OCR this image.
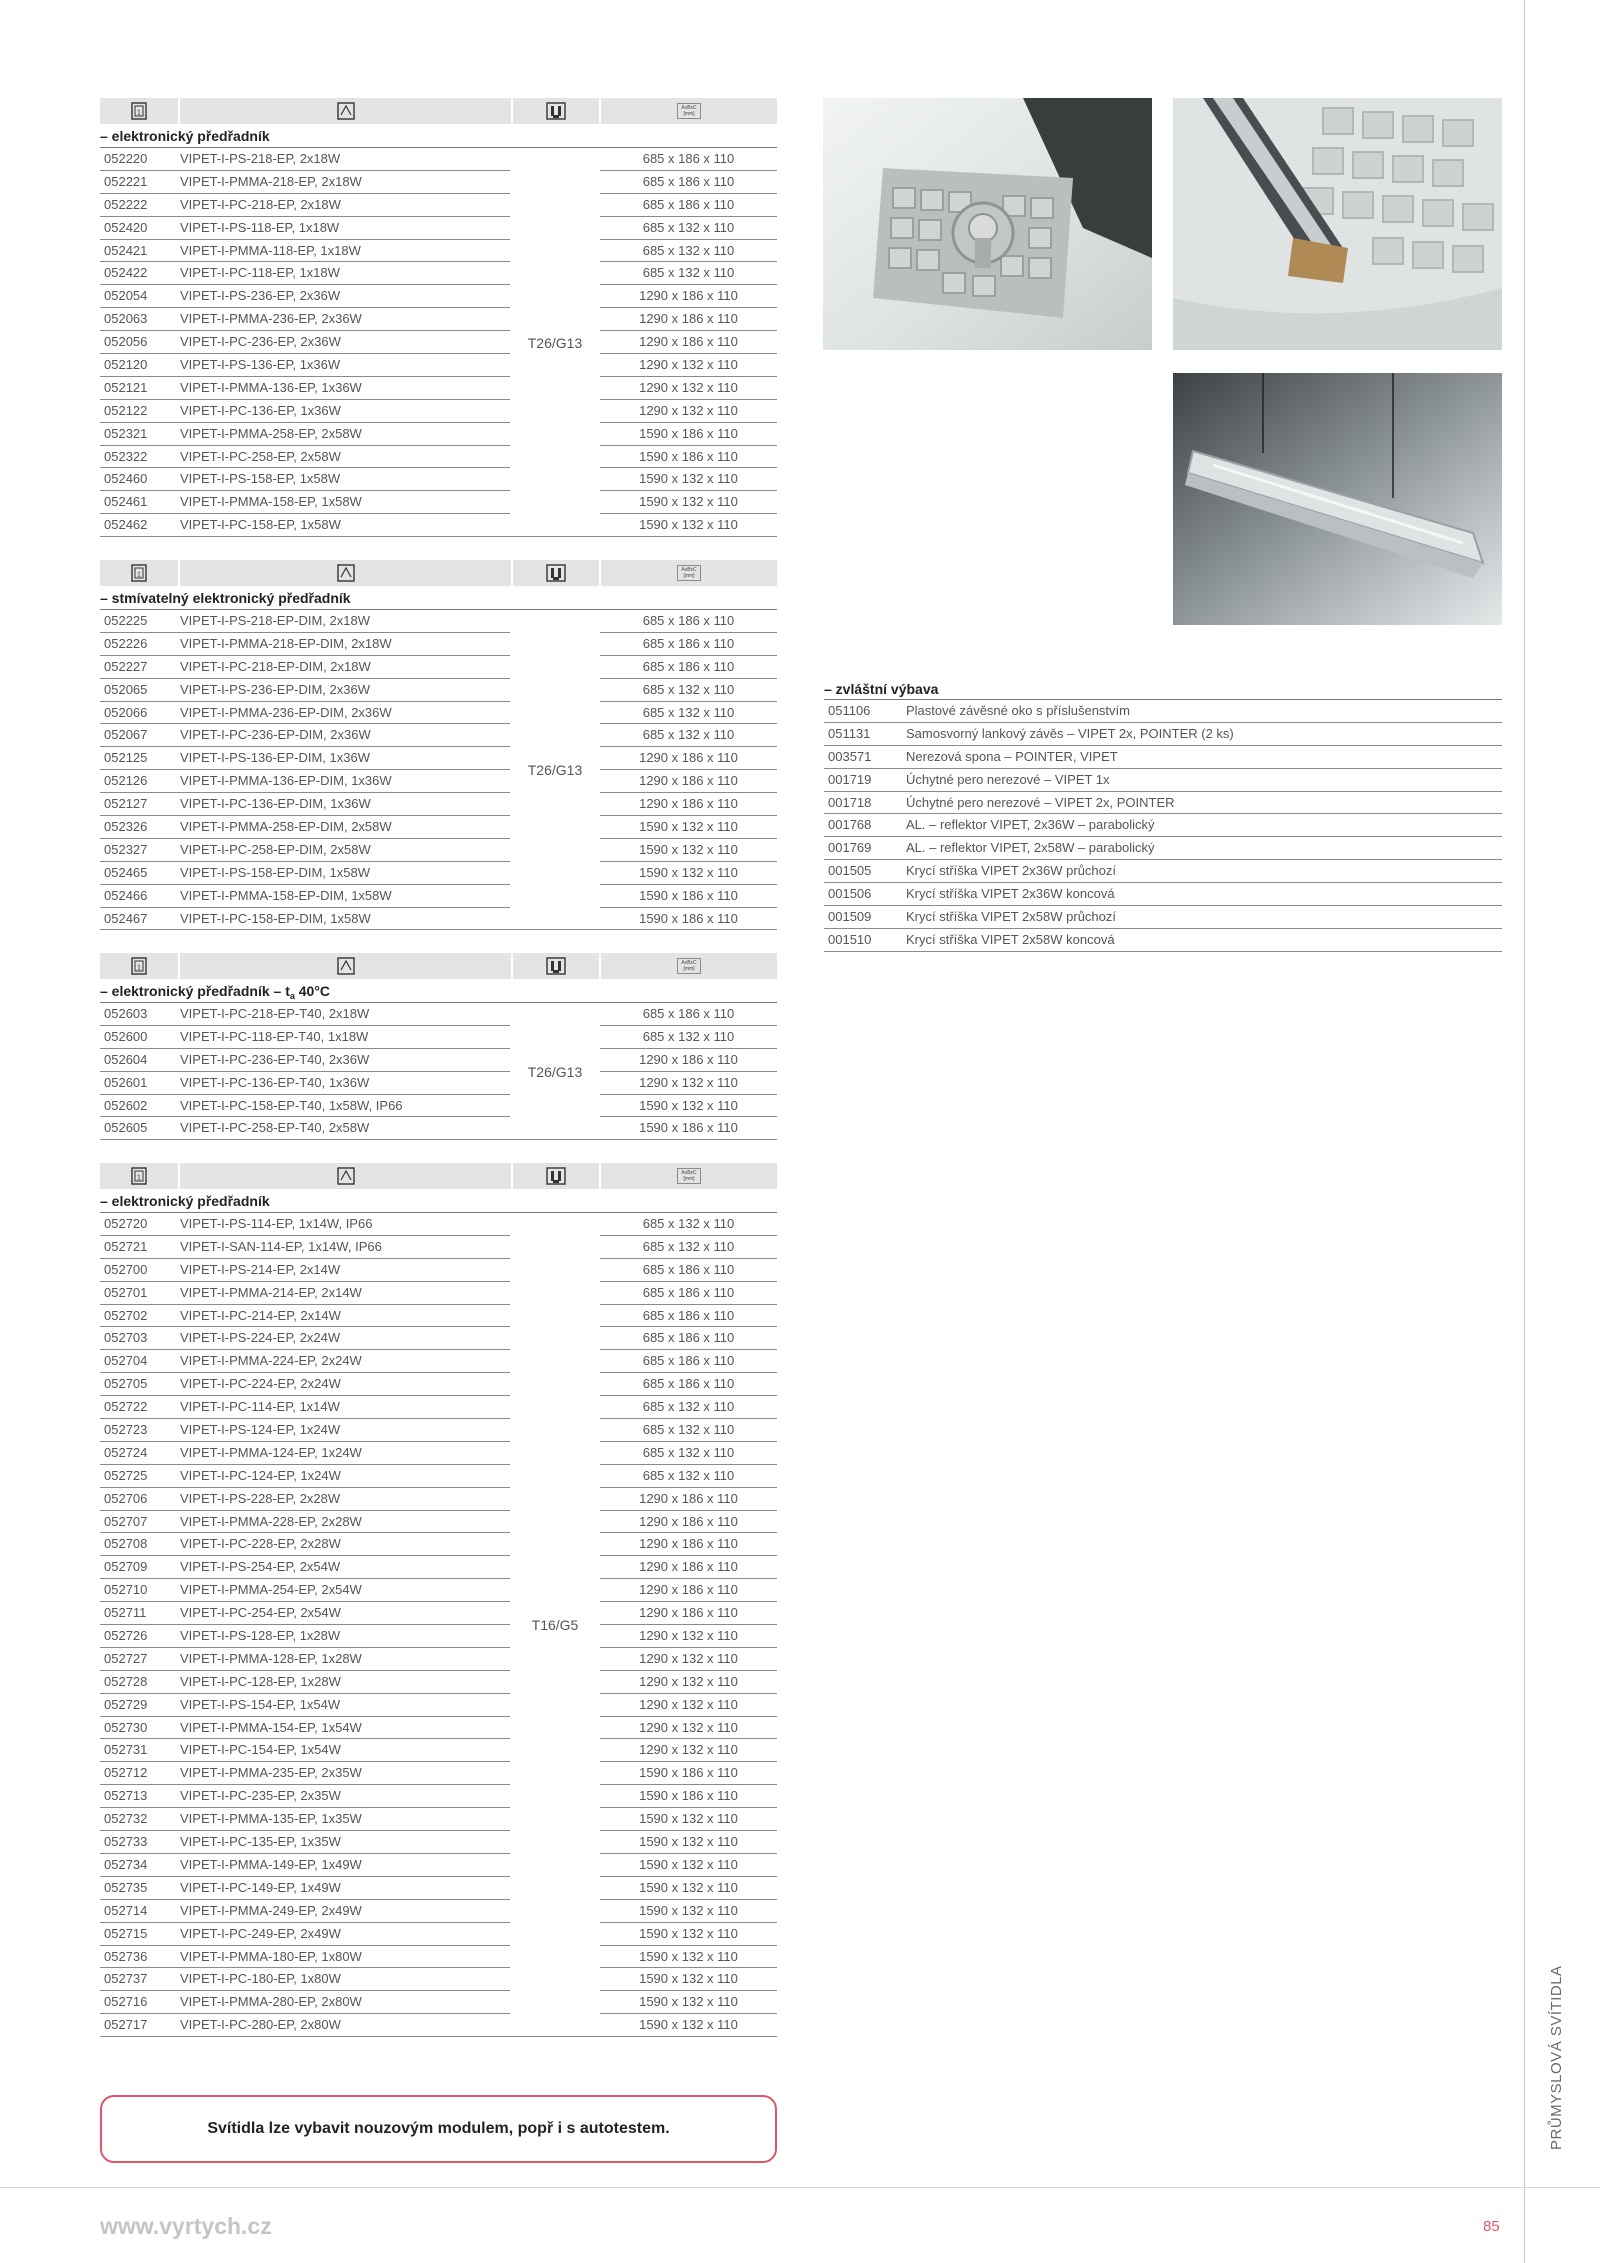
PRŮMYSLOVÁ SVÍTIDLA
1
AxBxC
[mm]
– elektronický předřadník
052220	VIPET-I-PS-218-EP, 2x18W	685 x 186 x 110
052221	VIPET-I-PMMA-218-EP, 2x18W	685 x 186 x 110
052222	VIPET-I-PC-218-EP, 2x18W	685 x 186 x 110
052420	VIPET-I-PS-118-EP, 1x18W	685 x 132 x 110
052421	VIPET-I-PMMA-118-EP, 1x18W	685 x 132 x 110
052422	VIPET-I-PC-118-EP, 1x18W	685 x 132 x 110
052054	VIPET-I-PS-236-EP, 2x36W	1290 x 186 x 110
052063	VIPET-I-PMMA-236-EP, 2x36W	1290 x 186 x 110
052056	VIPET-I-PC-236-EP, 2x36W	1290 x 186 x 110
052120	VIPET-I-PS-136-EP, 1x36W	1290 x 132 x 110
052121	VIPET-I-PMMA-136-EP, 1x36W	1290 x 132 x 110
052122	VIPET-I-PC-136-EP, 1x36W	1290 x 132 x 110
052321	VIPET-I-PMMA-258-EP, 2x58W	1590 x 186 x 110
052322	VIPET-I-PC-258-EP, 2x58W	1590 x 186 x 110
052460	VIPET-I-PS-158-EP, 1x58W	1590 x 132 x 110
052461	VIPET-I-PMMA-158-EP, 1x58W	1590 x 132 x 110
052462	VIPET-I-PC-158-EP, 1x58W	1590 x 132 x 110
T26/G13
1
AxBxC
[mm]
– stmívatelný elektronický předřadník
052225	VIPET-I-PS-218-EP-DIM, 2x18W	685 x 186 x 110
052226	VIPET-I-PMMA-218-EP-DIM, 2x18W	685 x 186 x 110
052227	VIPET-I-PC-218-EP-DIM, 2x18W	685 x 186 x 110
052065	VIPET-I-PS-236-EP-DIM, 2x36W	685 x 132 x 110
052066	VIPET-I-PMMA-236-EP-DIM, 2x36W	685 x 132 x 110
052067	VIPET-I-PC-236-EP-DIM, 2x36W	685 x 132 x 110
052125	VIPET-I-PS-136-EP-DIM, 1x36W	1290 x 186 x 110
052126	VIPET-I-PMMA-136-EP-DIM, 1x36W	1290 x 186 x 110
052127	VIPET-I-PC-136-EP-DIM, 1x36W	1290 x 186 x 110
052326	VIPET-I-PMMA-258-EP-DIM, 2x58W	1590 x 132 x 110
052327	VIPET-I-PC-258-EP-DIM, 2x58W	1590 x 132 x 110
052465	VIPET-I-PS-158-EP-DIM, 1x58W	1590 x 132 x 110
052466	VIPET-I-PMMA-158-EP-DIM, 1x58W	1590 x 186 x 110
052467	VIPET-I-PC-158-EP-DIM, 1x58W	1590 x 186 x 110
T26/G13
1
AxBxC
[mm]
– elektronický předřadník – $t_a$ 40°C
052603	VIPET-I-PC-218-EP-T40, 2x18W	685 x 186 x 110
052600	VIPET-I-PC-118-EP-T40, 1x18W	685 x 132 x 110
052604	VIPET-I-PC-236-EP-T40, 2x36W	1290 x 186 x 110
052601	VIPET-I-PC-136-EP-T40, 1x36W	1290 x 132 x 110
052602	VIPET-I-PC-158-EP-T40, 1x58W, IP66	1590 x 132 x 110
052605	VIPET-I-PC-258-EP-T40, 2x58W	1590 x 186 x 110
T26/G13
1
AxBxC
[mm]
– elektronický předřadník
052720	VIPET-I-PS-114-EP, 1x14W, IP66	685 x 132 x 110
052721	VIPET-I-SAN-114-EP, 1x14W, IP66	685 x 132 x 110
052700	VIPET-I-PS-214-EP, 2x14W	685 x 186 x 110
052701	VIPET-I-PMMA-214-EP, 2x14W	685 x 186 x 110
052702	VIPET-I-PC-214-EP, 2x14W	685 x 186 x 110
052703	VIPET-I-PS-224-EP, 2x24W	685 x 186 x 110
052704	VIPET-I-PMMA-224-EP, 2x24W	685 x 186 x 110
052705	VIPET-I-PC-224-EP, 2x24W	685 x 186 x 110
052722	VIPET-I-PC-114-EP, 1x14W	685 x 132 x 110
052723	VIPET-I-PS-124-EP, 1x24W	685 x 132 x 110
052724	VIPET-I-PMMA-124-EP, 1x24W	685 x 132 x 110
052725	VIPET-I-PC-124-EP, 1x24W	685 x 132 x 110
052706	VIPET-I-PS-228-EP, 2x28W	1290 x 186 x 110
052707	VIPET-I-PMMA-228-EP, 2x28W	1290 x 186 x 110
052708	VIPET-I-PC-228-EP, 2x28W	1290 x 186 x 110
052709	VIPET-I-PS-254-EP, 2x54W	1290 x 186 x 110
052710	VIPET-I-PMMA-254-EP, 2x54W	1290 x 186 x 110
052711	VIPET-I-PC-254-EP, 2x54W	1290 x 186 x 110
052726	VIPET-I-PS-128-EP, 1x28W	1290 x 132 x 110
052727	VIPET-I-PMMA-128-EP, 1x28W	1290 x 132 x 110
052728	VIPET-I-PC-128-EP, 1x28W	1290 x 132 x 110
052729	VIPET-I-PS-154-EP, 1x54W	1290 x 132 x 110
052730	VIPET-I-PMMA-154-EP, 1x54W	1290 x 132 x 110
052731	VIPET-I-PC-154-EP, 1x54W	1290 x 132 x 110
052712	VIPET-I-PMMA-235-EP, 2x35W	1590 x 186 x 110
052713	VIPET-I-PC-235-EP, 2x35W	1590 x 186 x 110
052732	VIPET-I-PMMA-135-EP, 1x35W	1590 x 132 x 110
052733	VIPET-I-PC-135-EP, 1x35W	1590 x 132 x 110
052734	VIPET-I-PMMA-149-EP, 1x49W	1590 x 132 x 110
052735	VIPET-I-PC-149-EP, 1x49W	1590 x 132 x 110
052714	VIPET-I-PMMA-249-EP, 2x49W	1590 x 132 x 110
052715	VIPET-I-PC-249-EP, 2x49W	1590 x 132 x 110
052736	VIPET-I-PMMA-180-EP, 1x80W	1590 x 132 x 110
052737	VIPET-I-PC-180-EP, 1x80W	1590 x 132 x 110
052716	VIPET-I-PMMA-280-EP, 2x80W	1590 x 132 x 110
052717	VIPET-I-PC-280-EP, 2x80W	1590 x 132 x 110
T16/G5
– zvláštní výbava
051106	Plastové závěsné oko s příslušenstvím
051131	Samosvorný lankový závěs – VIPET 2x, POINTER (2 ks)
003571	Nerezová spona – POINTER, VIPET
001719	Úchytné pero nerezové – VIPET 1x
001718	Úchytné pero nerezové – VIPET 2x, POINTER
001768	AL. – reflektor VIPET, 2x36W – parabolický
001769	AL. – reflektor VIPET, 2x58W – parabolický
001505	Krycí stříška VIPET 2x36W průchozí
001506	Krycí stříška VIPET 2x36W koncová
001509	Krycí stříška VIPET 2x58W průchozí
001510	Krycí stříška VIPET 2x58W koncová
Svítidla lze vybavit nouzovým modulem, popř i s autotestem.
www.vyrtych.cz	85
